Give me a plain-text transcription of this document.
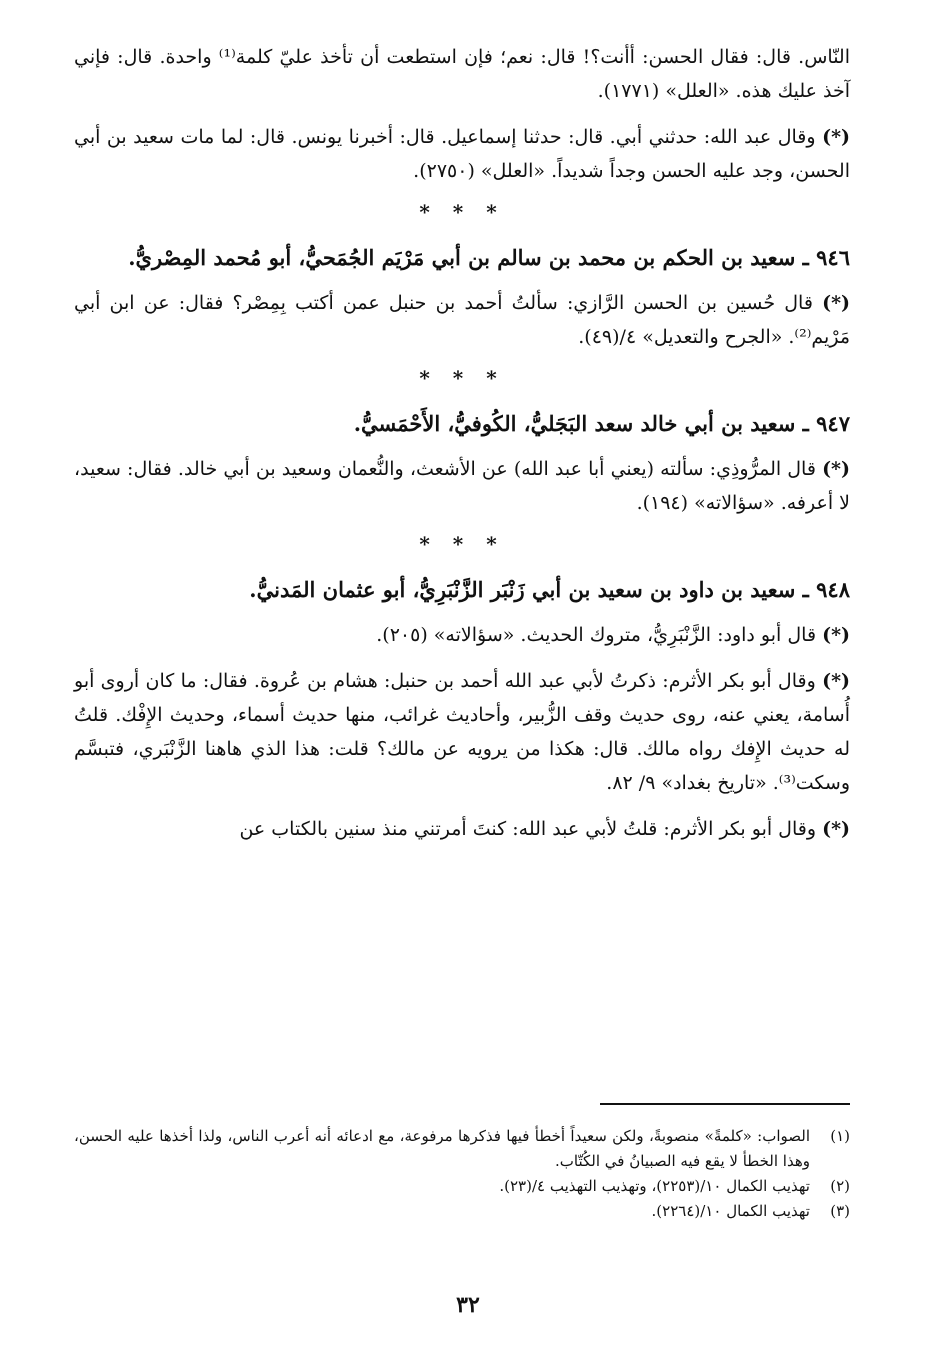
النّاس. قال: فقال الحسن: أأنت؟! قال: نعم؛ فإن استطعت أن تأخذ عليّ كلمة⁽¹⁾ واحدة. قال: فإني آخذ عليك هذه. «العلل» (١٧٧١).

(*) وقال عبد الله: حدثني أبي. قال: حدثنا إسماعيل. قال: أخبرنا يونس. قال: لما مات سعيد بن أبي الحسن، وجد عليه الحسن وجداً شديداً. «العلل» (٢٧٥٠).

* * *

٩٤٦ ـ سعيد بن الحكم بن محمد بن سالم بن أبي مَرْيَم الجُمَحيُّ، أبو مُحمد المِصْريُّ.

(*) قال حُسين بن الحسن الرَّازي: سألتُ أحمد بن حنبل عمن أكتب بِمِصْر؟ فقال: عن ابن أبي مَرْيم⁽²⁾. «الجرح والتعديل» ٤/(٤٩).

* * *

٩٤٧ ـ سعيد بن أبي خالد سعد البَجَليُّ، الكُوفيُّ، الأَحْمَسيُّ.

(*) قال المرُّوذِي: سألته (يعني أبا عبد الله) عن الأشعث، والنُّعمان وسعيد بن أبي خالد. فقال: سعيد، لا أعرفه. «سؤالاته» (١٩٤).

* * *

٩٤٨ ـ سعيد بن داود بن سعيد بن أبي زَنْبَر الزَّنْبَرِيُّ، أبو عثمان المَدنيُّ.

(*) قال أبو داود: الزَّنْبَرِيُّ، متروك الحديث. «سؤالاته» (٢٠٥).

(*) وقال أبو بكر الأثرم: ذكرتُ لأبي عبد الله أحمد بن حنبل: هشام بن عُروة. فقال: ما كان أروى أبو أُسامة، يعني عنه، روى حديث وقف الزُّبير، وأحاديث غرائب، منها حديث أسماء، وحديث الإِفْك. قلتُ له حديث الإِفك رواه مالك. قال: هكذا من يرويه عن مالك؟ قلت: هذا الذي هاهنا الزَّنْبَري، فتبسَّم وسكت⁽³⁾. «تاريخ بغداد» ٩/ ٨٢.

(*) وقال أبو بكر الأثرم: قلتُ لأبي عبد الله: كنتَ أمرتني منذ سنين بالكتاب عن

(١)
الصواب: «كلمةً» منصوبةً، ولكن سعيداً أخطأ فيها فذكرها مرفوعة، مع ادعائه أنه أعرب الناس، ولذا أخذها عليه الحسن، وهذا الخطأ لا يقع فيه الصبيانُ في الكُتّاب.

(٢)
تهذيب الكمال ١٠/(٢٢٥٣)، وتهذيب التهذيب ٤/(٢٣).

(٣)
تهذيب الكمال ١٠/(٢٢٦٤).

٣٢
